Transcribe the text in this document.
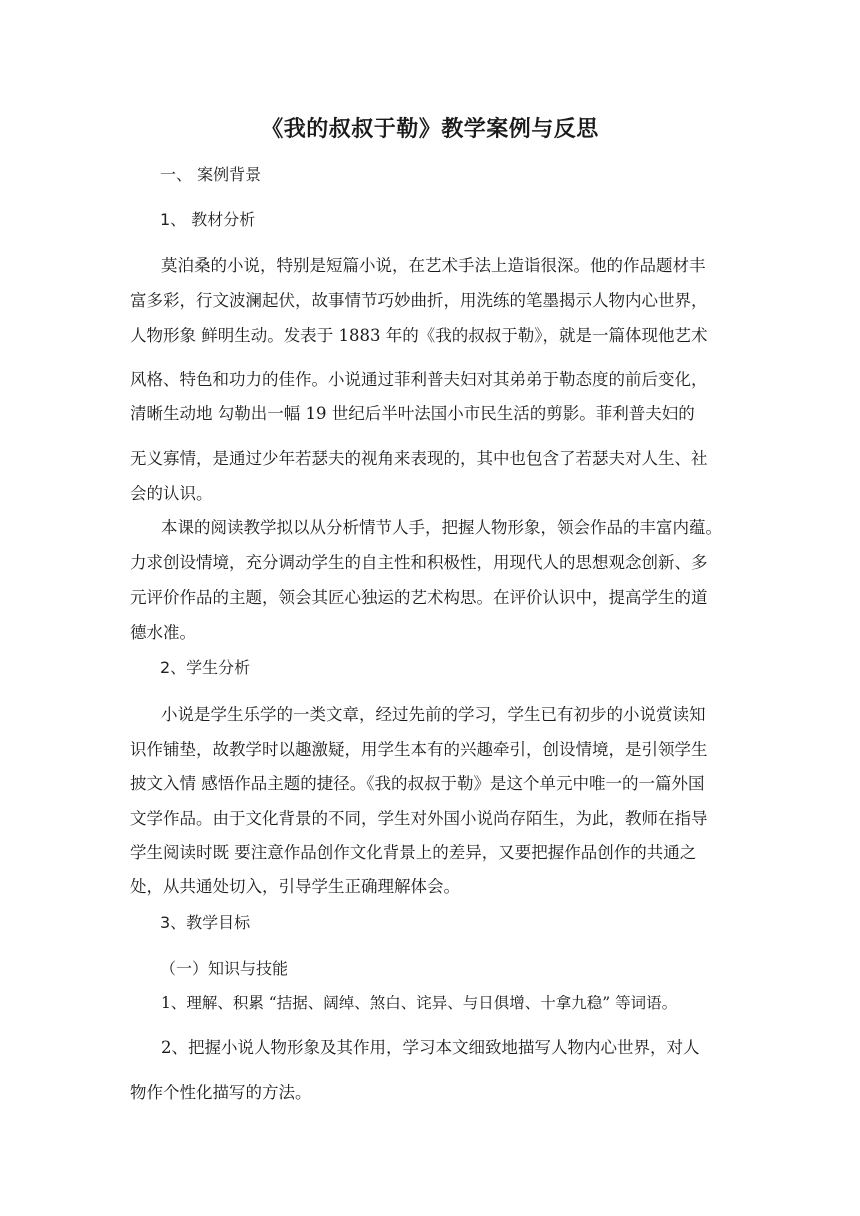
《我的叔叔于勒》教学案例与反思
一、 案例背景
1、 教材分析
莫泊桑的小说，特别是短篇小说，在艺术手法上造诣很深。他的作品题材丰
富多彩，行文波澜起伏，故事情节巧妙曲折，用洗练的笔墨揭示人物内心世界，
人物形象 鲜明生动。发表于 1883 年的《我的叔叔于勒》，就是一篇体现他艺术
风格、特色和功力的佳作。小说通过菲利普夫妇对其弟弟于勒态度的前后变化，
清晰生动地 勾勒出一幅 19 世纪后半叶法国小市民生活的剪影。菲利普夫妇的
无义寡情，是通过少年若瑟夫的视角来表现的，其中也包含了若瑟夫对人生、社
会的认识。
本课的阅读教学拟以从分析情节人手，把握人物形象，领会作品的丰富内蕴。
力求创设情境，充分调动学生的自主性和积极性，用现代人的思想观念创新、多
元评价作品的主题，领会其匠心独运的艺术构思。在评价认识中，提高学生的道
德水准。
2、学生分析
小说是学生乐学的一类文章，经过先前的学习，学生已有初步的小说赏读知
识作铺垫，故教学时以趣激疑，用学生本有的兴趣牵引，创设情境，是引领学生
披文入情 感悟作品主题的捷径。《我的叔叔于勒》是这个单元中唯一的一篇外国
文学作品。由于文化背景的不同，学生对外国小说尚存陌生，为此，教师在指导
学生阅读时既 要注意作品创作文化背景上的差异，又要把握作品创作的共通之
处，从共通处切入，引导学生正确理解体会。
3、教学目标
（一）知识与技能
1、理解、积累 “拮据、阔绰、煞白、诧异、与日俱增、十拿九稳” 等词语。
2、把握小说人物形象及其作用，学习本文细致地描写人物内心世界，对人
物作个性化描写的方法。
